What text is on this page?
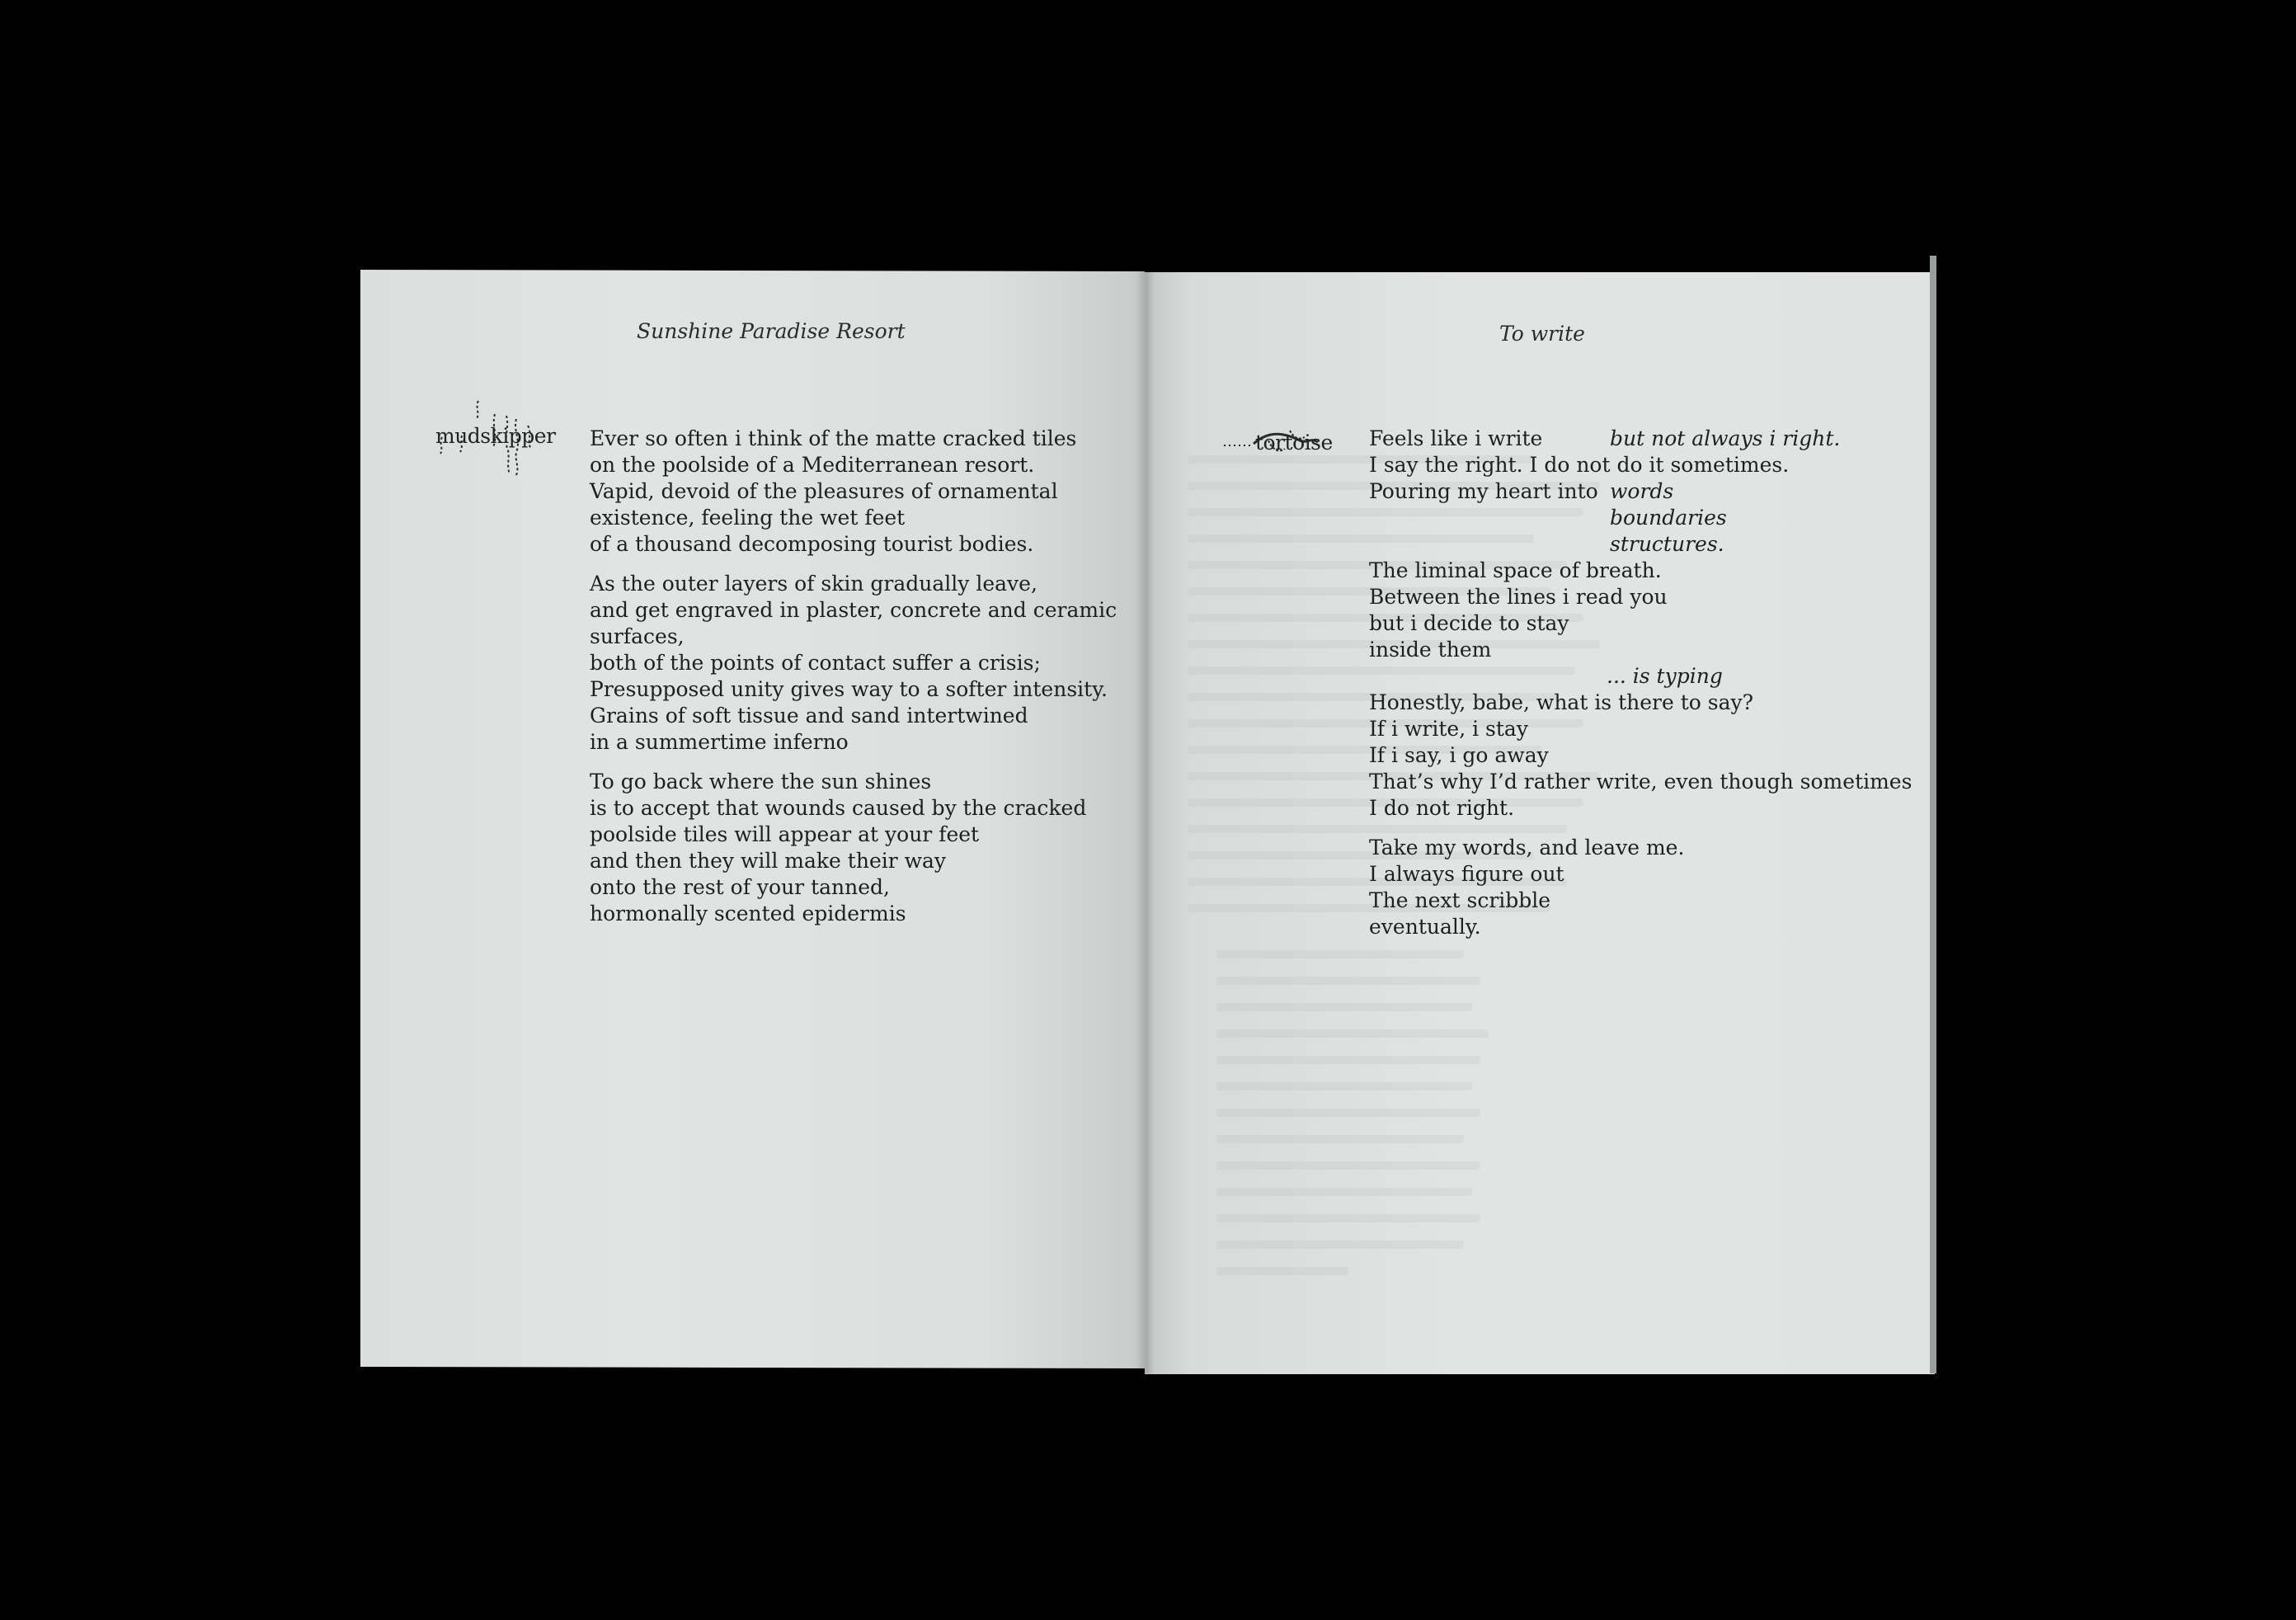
Sunshine Paradise Resort
mudskipper Ever so often i think of the matte cracked tiles
on the poolside of a Mediterranean resort.
Vapid, devoid of the pleasures of ornamental
existence, feeling the wet feet
of a thousand decomposing tourist bodies.
As the outer layers of skin gradually leave,
and get engraved in plaster, concrete and ceramic
surfaces,
both of the points of contact suffer a crisis;
Presupposed unity gives way to a softer intensity.
Grains of soft tissue and sand intertwined
in a summertime inferno
To go back where the sun shines
is to accept that wounds caused by the cracked
poolside tiles will appear at your feet
and then they will make their way
onto the rest of your tanned,
hormonally scented epidermis
To write
tortoise Feels like i write
I say the right. I do not do it sometimes.
Pouring my heart into
The liminal space of breath.
Between the lines i read you
but i decide to stay
inside them
Honestly, babe, what is there to say?
If i write, i stay
If i say, i go away
That’s why I’d rather write, even though sometimes
I do not right.
Take my words, and leave me.
I always figure out
The next scribble
eventually.
but not always i right.
words
boundaries
structures.
... is typing
